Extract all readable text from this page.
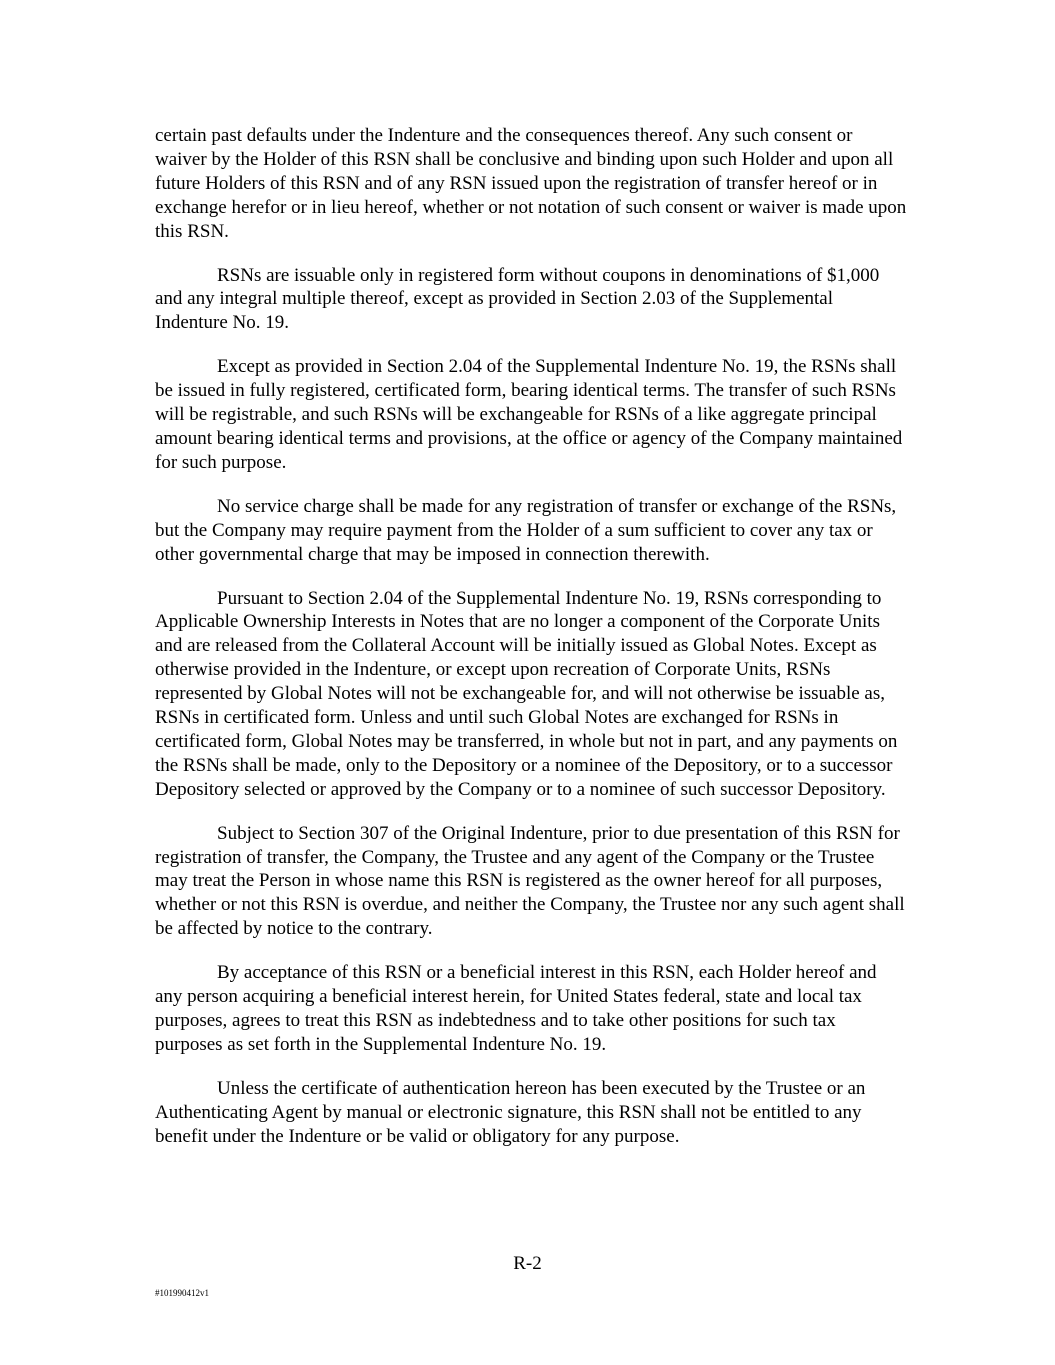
certain past defaults under the Indenture and the consequences thereof. Any such consent or waiver by the Holder of this RSN shall be conclusive and binding upon such Holder and upon all future Holders of this RSN and of any RSN issued upon the registration of transfer hereof or in exchange herefor or in lieu hereof, whether or not notation of such consent or waiver is made upon this RSN.

RSNs are issuable only in registered form without coupons in denominations of $1,000 and any integral multiple thereof, except as provided in Section 2.03 of the Supplemental Indenture No. 19.

Except as provided in Section 2.04 of the Supplemental Indenture No. 19, the RSNs shall be issued in fully registered, certificated form, bearing identical terms. The transfer of such RSNs will be registrable, and such RSNs will be exchangeable for RSNs of a like aggregate principal amount bearing identical terms and provisions, at the office or agency of the Company maintained for such purpose.

No service charge shall be made for any registration of transfer or exchange of the RSNs, but the Company may require payment from the Holder of a sum sufficient to cover any tax or other governmental charge that may be imposed in connection therewith.

Pursuant to Section 2.04 of the Supplemental Indenture No. 19, RSNs corresponding to Applicable Ownership Interests in Notes that are no longer a component of the Corporate Units and are released from the Collateral Account will be initially issued as Global Notes. Except as otherwise provided in the Indenture, or except upon recreation of Corporate Units, RSNs represented by Global Notes will not be exchangeable for, and will not otherwise be issuable as, RSNs in certificated form. Unless and until such Global Notes are exchanged for RSNs in certificated form, Global Notes may be transferred, in whole but not in part, and any payments on the RSNs shall be made, only to the Depository or a nominee of the Depository, or to a successor Depository selected or approved by the Company or to a nominee of such successor Depository.

Subject to Section 307 of the Original Indenture, prior to due presentation of this RSN for registration of transfer, the Company, the Trustee and any agent of the Company or the Trustee may treat the Person in whose name this RSN is registered as the owner hereof for all purposes, whether or not this RSN is overdue, and neither the Company, the Trustee nor any such agent shall be affected by notice to the contrary.

By acceptance of this RSN or a beneficial interest in this RSN, each Holder hereof and any person acquiring a beneficial interest herein, for United States federal, state and local tax purposes, agrees to treat this RSN as indebtedness and to take other positions for such tax purposes as set forth in the Supplemental Indenture No. 19.

Unless the certificate of authentication hereon has been executed by the Trustee or an Authenticating Agent by manual or electronic signature, this RSN shall not be entitled to any benefit under the Indenture or be valid or obligatory for any purpose.

R-2
#101990412v1
